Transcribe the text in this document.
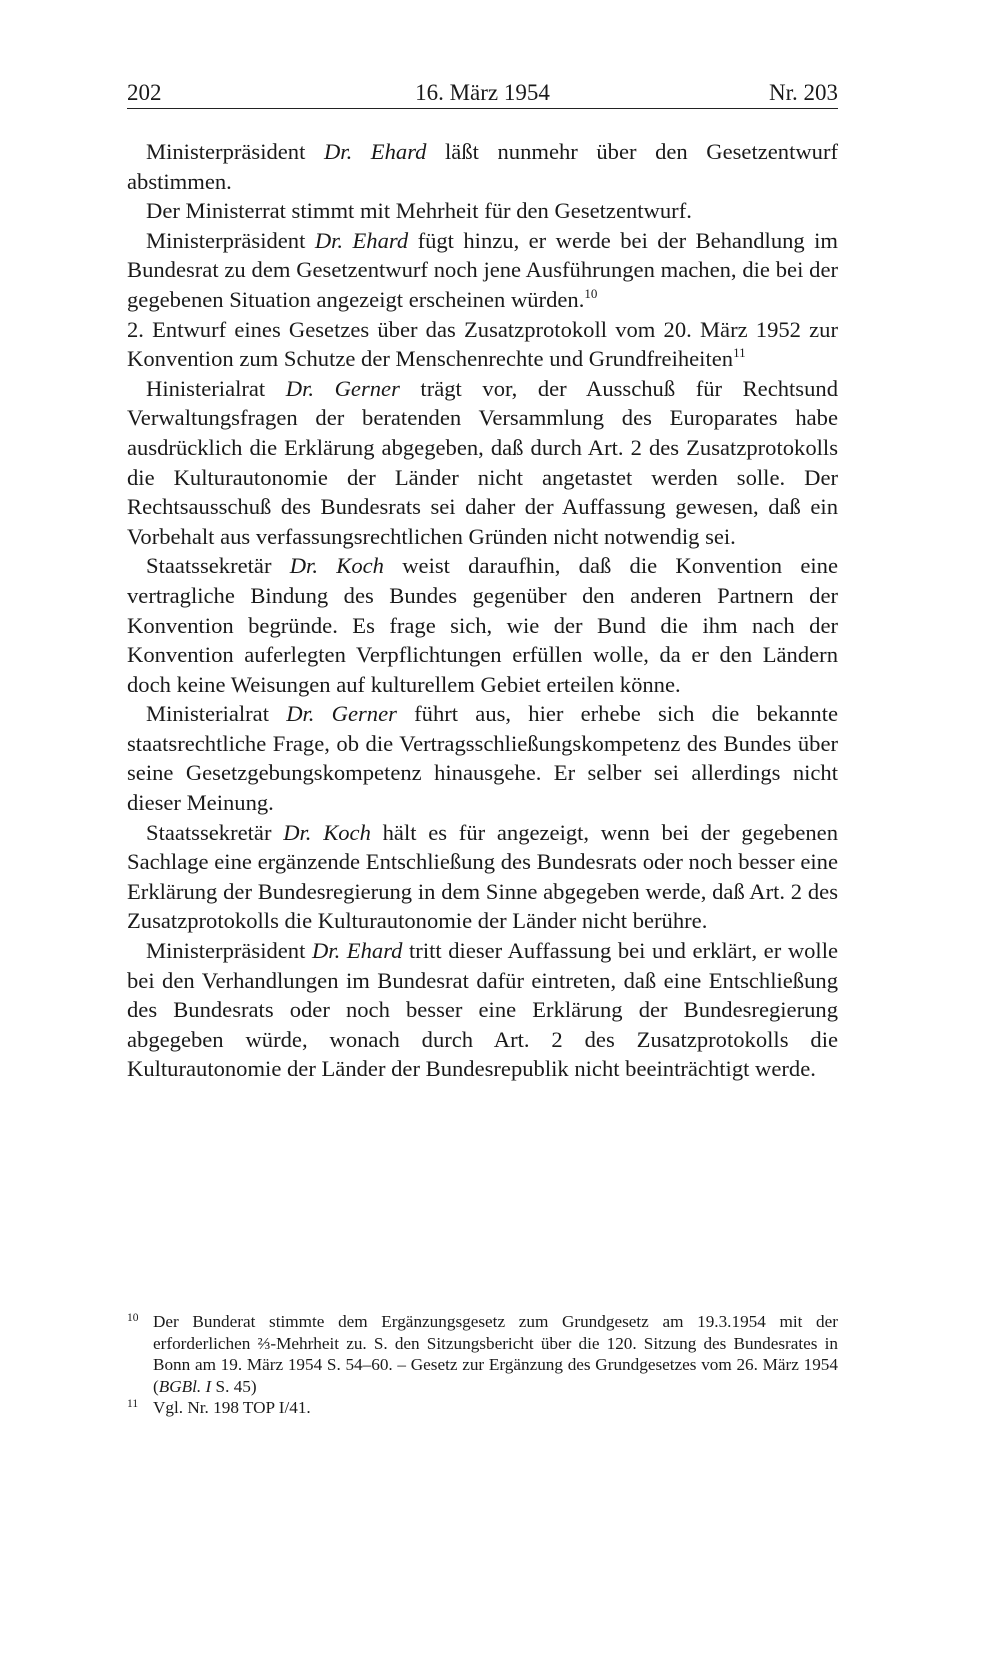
202	16. März 1954	Nr. 203

Ministerpräsident Dr. Ehard läßt nunmehr über den Gesetzentwurf abstimmen.

Der Ministerrat stimmt mit Mehrheit für den Gesetzentwurf.

Ministerpräsident Dr. Ehard fügt hinzu, er werde bei der Behandlung im Bundesrat zu dem Gesetzentwurf noch jene Ausführungen machen, die bei der gegebenen Situation angezeigt erscheinen würden.$^{10}$

2. Entwurf eines Gesetzes über das Zusatzprotokoll vom 20. März 1952 zur Konvention zum Schutze der Menschenrechte und Grundfreiheiten$^{11}$

Hinisterialrat Dr. Gerner trägt vor, der Ausschuß für Rechtsund Verwaltungsfragen der beratenden Versammlung des Europarates habe ausdrücklich die Erklärung abgegeben, daß durch Art. 2 des Zusatzprotokolls die Kulturautonomie der Länder nicht angetastet werden solle. Der Rechtsausschuß des Bundesrats sei daher der Auffassung gewesen, daß ein Vorbehalt aus verfassungsrechtlichen Gründen nicht notwendig sei.

Staatssekretär Dr. Koch weist daraufhin, daß die Konvention eine vertragliche Bindung des Bundes gegenüber den anderen Partnern der Konvention begründe. Es frage sich, wie der Bund die ihm nach der Konvention auferlegten Verpflichtungen erfüllen wolle, da er den Ländern doch keine Weisungen auf kulturellem Gebiet erteilen könne.

Ministerialrat Dr. Gerner führt aus, hier erhebe sich die bekannte staatsrechtliche Frage, ob die Vertragsschließungskompetenz des Bundes über seine Gesetzgebungskompetenz hinausgehe. Er selber sei allerdings nicht dieser Meinung.

Staatssekretär Dr. Koch hält es für angezeigt, wenn bei der gegebenen Sachlage eine ergänzende Entschließung des Bundesrats oder noch besser eine Erklärung der Bundesregierung in dem Sinne abgegeben werde, daß Art. 2 des Zusatzprotokolls die Kulturautonomie der Länder nicht berühre.

Ministerpräsident Dr. Ehard tritt dieser Auffassung bei und erklärt, er wolle bei den Verhandlungen im Bundesrat dafür eintreten, daß eine Entschließung des Bundesrats oder noch besser eine Erklärung der Bundesregierung abgegeben würde, wonach durch Art. 2 des Zusatzprotokolls die Kulturautonomie der Länder der Bundesrepublik nicht beeinträchtigt werde.

10 Der Bunderat stimmte dem Ergänzungsgesetz zum Grundgesetz am 19.3.1954 mit der erforderlichen ⅔-Mehrheit zu. S. den Sitzungsbericht über die 120. Sitzung des Bundesrates in Bonn am 19. März 1954 S. 54–60. – Gesetz zur Ergänzung des Grundgesetzes vom 26. März 1954 (BGBl. I S. 45)

11 Vgl. Nr. 198 TOP I/41.
